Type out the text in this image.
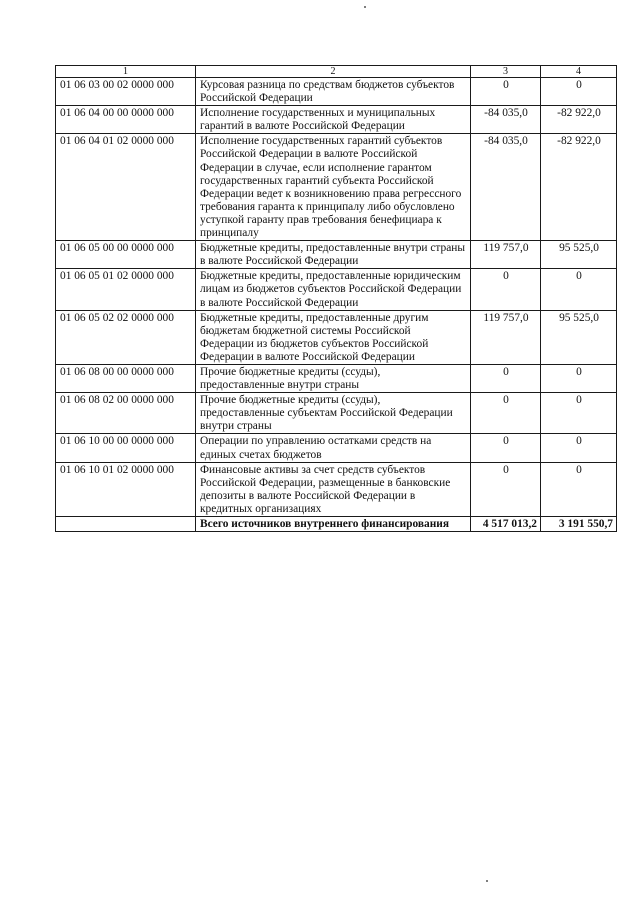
1	2	3	4
01 06 03 00 02 0000 000	Курсовая разница по средствам бюджетов субъектов Российской Федерации	0	0
01 06 04 00 00 0000 000	Исполнение государственных и муниципальных гарантий в валюте Российской Федерации	-84 035,0	-82 922,0
01 06 04 01 02 0000 000	Исполнение государственных гарантий субъектов Российской Федерации в валюте Российской Федерации в случае, если исполнение гарантом государственных гарантий субъекта Российской Федерации ведет к возникновению права регрессного требования гаранта к принципалу либо обусловлено уступкой гаранту прав требования бенефициара к принципалу	-84 035,0	-82 922,0
01 06 05 00 00 0000 000	Бюджетные кредиты, предоставленные внутри страны в валюте Российской Федерации	119 757,0	95 525,0
01 06 05 01 02 0000 000	Бюджетные кредиты, предоставленные юридическим лицам из бюджетов субъектов Российской Федерации в валюте Российской Федерации	0	0
01 06 05 02 02 0000 000	Бюджетные кредиты, предоставленные другим бюджетам бюджетной системы Российской Федерации из бюджетов субъектов Российской Федерации в валюте Российской Федерации	119 757,0	95 525,0
01 06 08 00 00 0000 000	Прочие бюджетные кредиты (ссуды), предоставленные внутри страны	0	0
01 06 08 02 00 0000 000	Прочие бюджетные кредиты (ссуды), предоставленные субъектам Российской Федерации внутри страны	0	0
01 06 10 00 00 0000 000	Операции по управлению остатками средств на единых счетах бюджетов	0	0
01 06 10 01 02 0000 000	Финансовые активы за счет средств субъектов Российской Федерации, размещенные в банковские депозиты в валюте Российской Федерации в кредитных организациях	0	0
	Всего источников внутреннего финансирования	4 517 013,2	3 191 550,7
